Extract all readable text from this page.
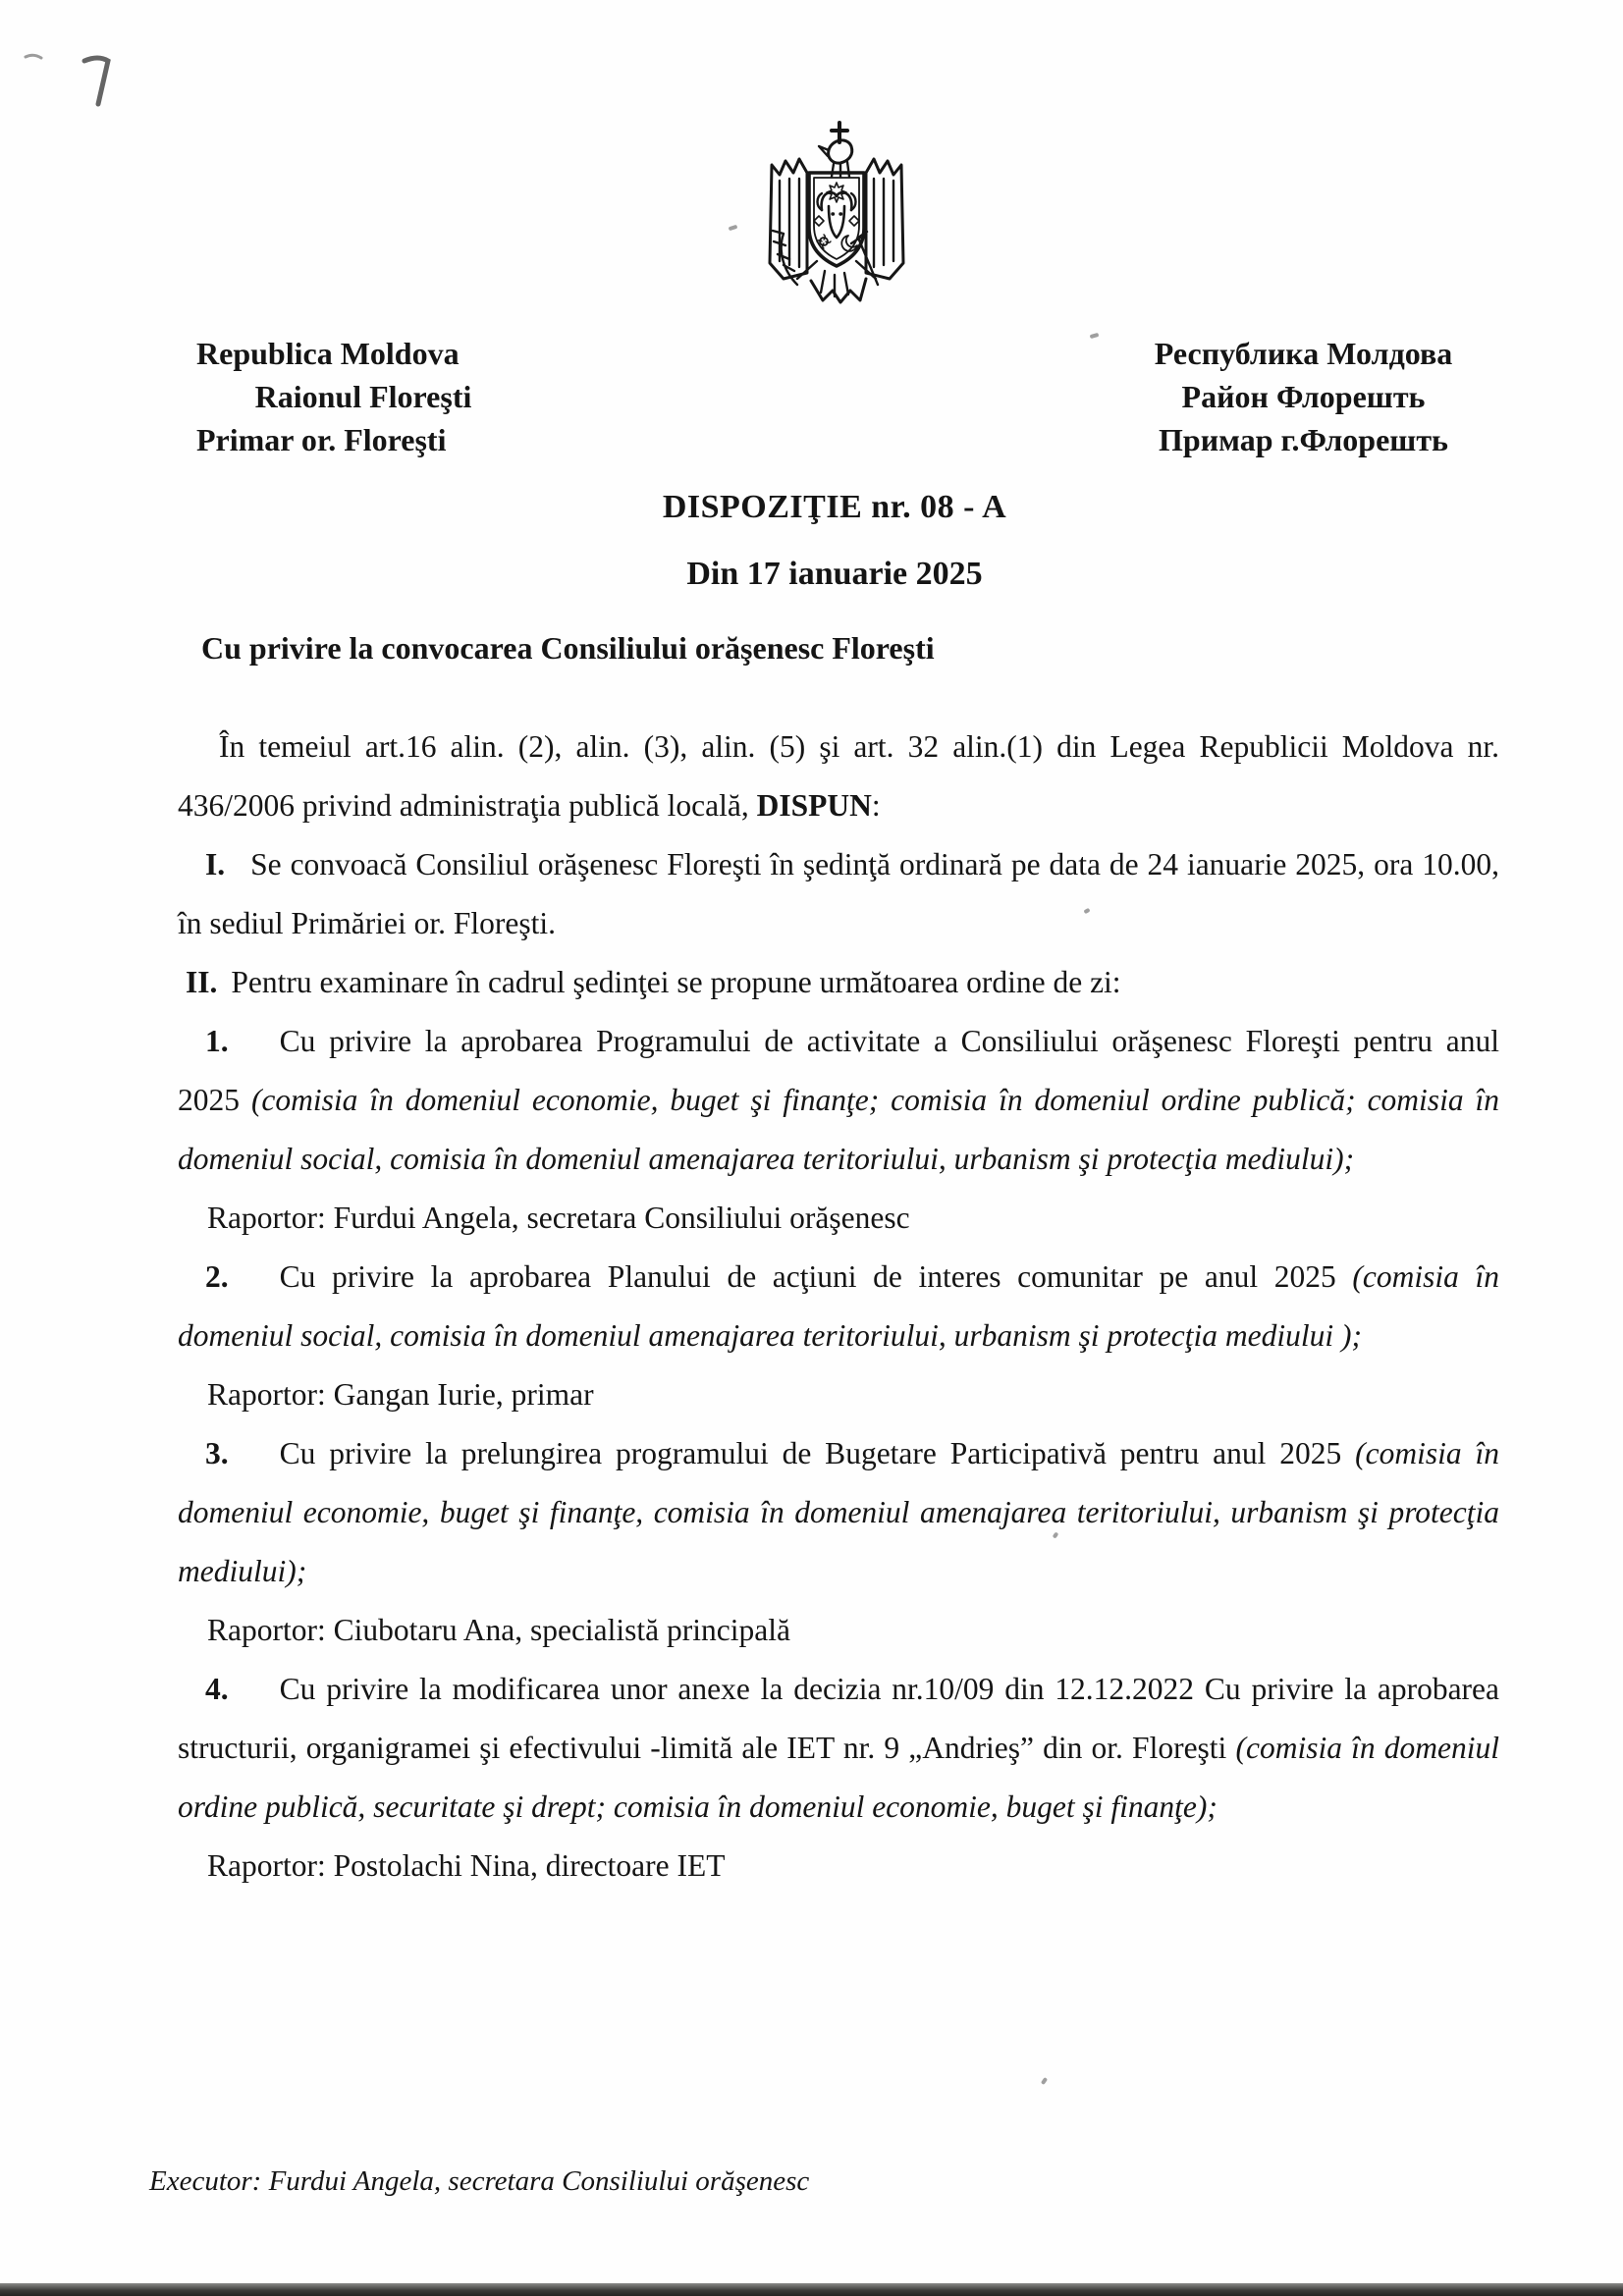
Republica Moldova
Raionul Floreşti
Primar or. Floreşti
Республика Молдова
Район Флорешть
Примар г.Флорешть
DISPOZIŢIE nr. 08 - A
Din 17 ianuarie 2025

Cu privire la convocarea Consiliului orăşenesc Floreşti

În temeiul art.16 alin. (2), alin. (3), alin. (5) şi art. 32 alin.(1) din Legea Republicii Moldova nr. 436/2006 privind administraţia publică locală, DISPUN:

I. Se convoacă Consiliul orăşenesc Floreşti în şedinţă ordinară pe data de 24 ianuarie 2025, ora 10.00, în sediul Primăriei or. Floreşti.

II. Pentru examinare în cadrul şedinţei se propune următoarea ordine de zi:

1. Cu privire la aprobarea Programului de activitate a Consiliului orăşenesc Floreşti pentru anul 2025 (comisia în domeniul economie, buget şi finanţe; comisia în domeniul ordine publică; comisia în domeniul social, comisia în domeniul amenajarea teritoriului, urbanism şi protecţia mediului);

Raportor: Furdui Angela, secretara Consiliului orăşenesc

2. Cu privire la aprobarea Planului de acţiuni de interes comunitar pe anul 2025 (comisia în domeniul social, comisia în domeniul amenajarea teritoriului, urbanism şi protecţia mediului );

Raportor: Gangan Iurie, primar

3. Cu privire la prelungirea programului de Bugetare Participativă pentru anul 2025 (comisia în domeniul economie, buget şi finanţe, comisia în domeniul amenajarea teritoriului, urbanism şi protecţia mediului);

Raportor: Ciubotaru Ana, specialistă principală

4. Cu privire la modificarea unor anexe la decizia nr.10/09 din 12.12.2022 Cu privire la aprobarea structurii, organigramei şi efectivului -limită ale IET nr. 9 „Andrieş” din or. Floreşti (comisia în domeniul ordine publică, securitate şi drept; comisia în domeniul economie, buget şi finanţe);

Raportor: Postolachi Nina, directoare IET

Executor: Furdui Angela, secretara Consiliului orăşenesc
